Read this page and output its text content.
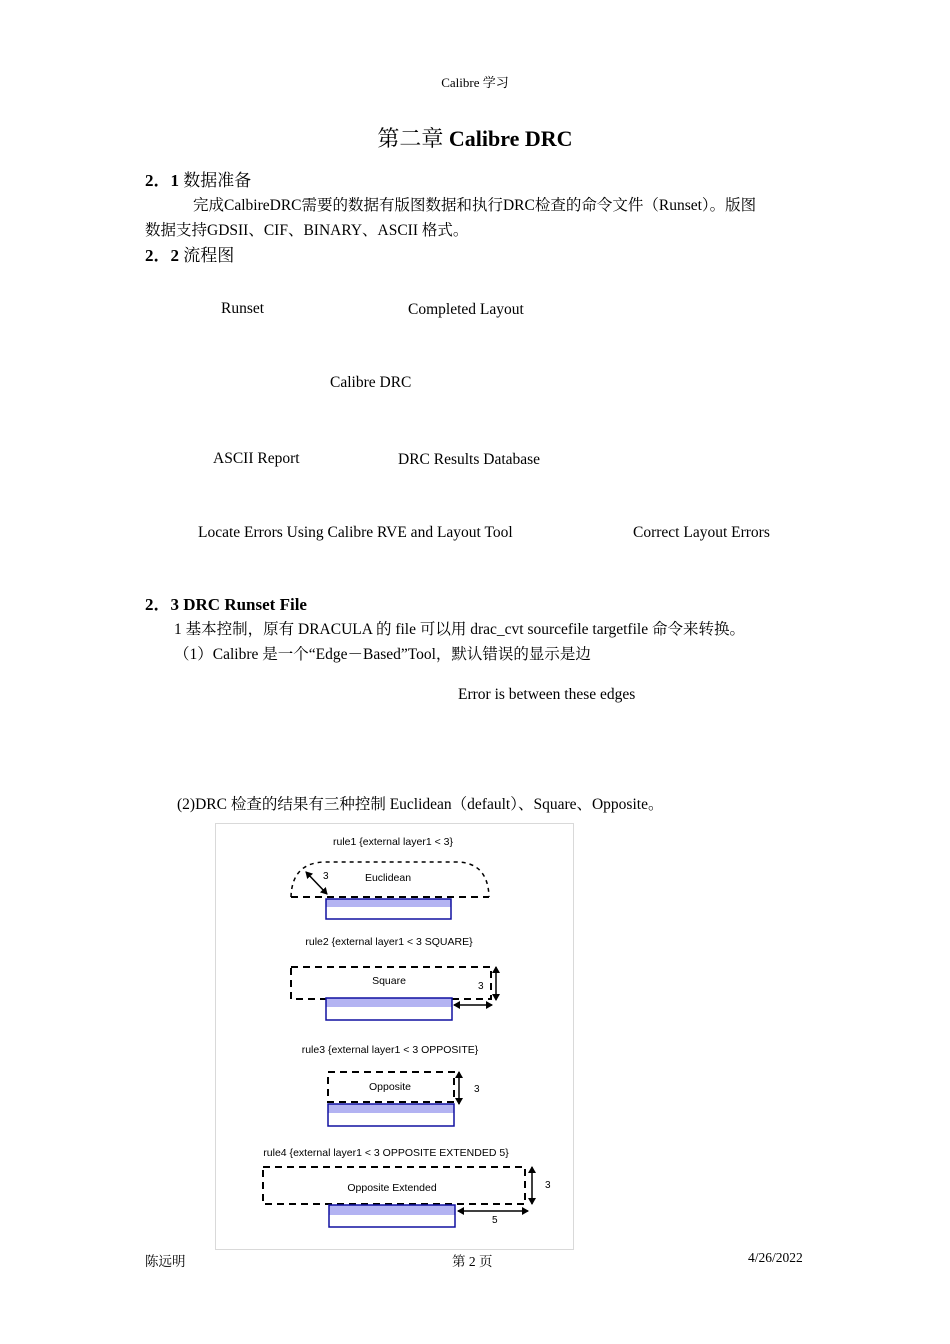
Calibre 学习
第二章 Calibre DRC
2．1 数据准备
完成CalbireDRC需要的数据有版图数据和执行DRC检查的命令文件（Runset）。版图
数据支持GDSII、CIF、BINARY、ASCII 格式。
2．2 流程图
Runset	Completed Layout
Calibre DRC
ASCII Report	DRC Results Database
Locate Errors Using Calibre RVE and Layout Tool	Correct Layout Errors
2．3 DRC Runset File
1 基本控制，原有 DRACULA 的 file 可以用 drac_cvt sourcefile targetfile 命令来转换。
（1）Calibre 是一个“Edge－Based”Tool，默认错误的显示是边
Error is between these edges
(2)DRC 检查的结果有三种控制 Euclidean（default）、Square、Opposite。
rule1 {external layer1 < 3}
3	Euclidean
rule2 {external layer1 < 3 SQUARE}
Square	3
rule3 {external layer1 < 3 OPPOSITE}
Opposite	3
rule4 {external layer1 < 3 OPPOSITE EXTENDED 5}
Opposite Extended	3
5
陈远明	第 2 页	4/26/2022
